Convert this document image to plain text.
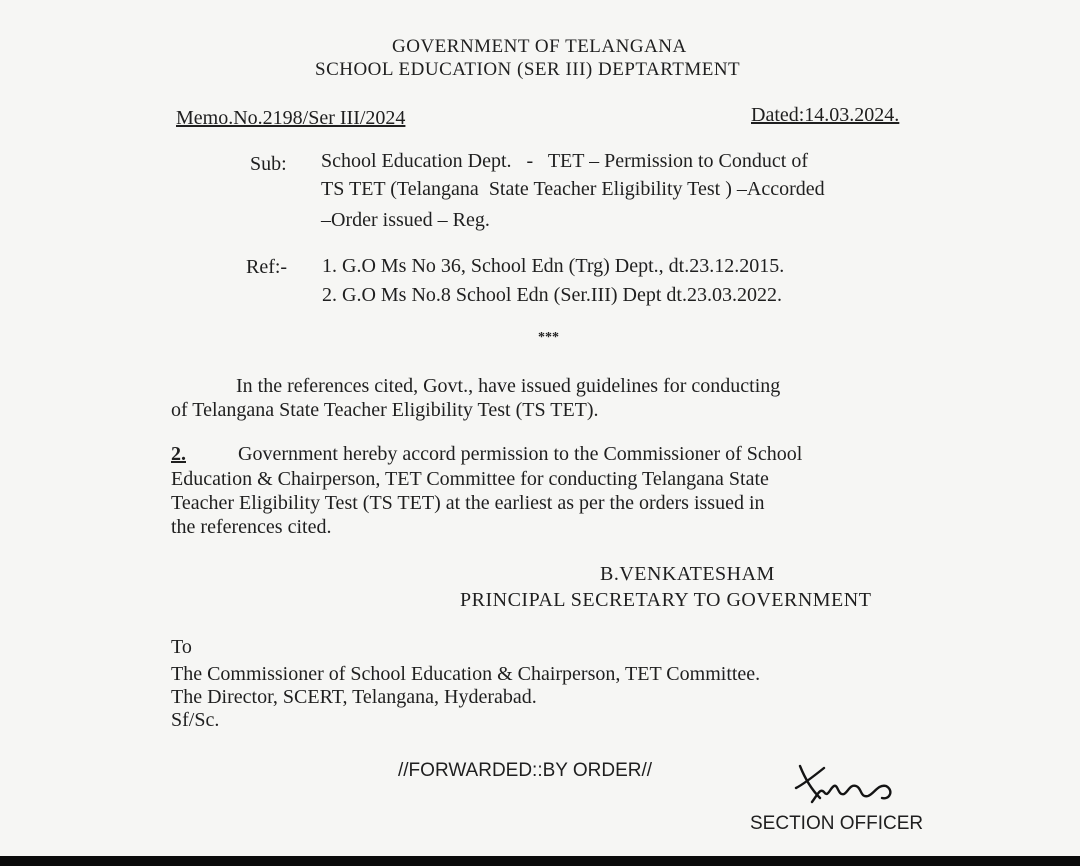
GOVERNMENT OF TELANGANA
SCHOOL EDUCATION (SER III) DEPTARTMENT
Memo.No.2198/Ser III/2024	Dated:14.03.2024.
Sub: School Education Dept.   -   TET – Permission to Conduct of
TS TET (Telangana  State Teacher Eligibility Test ) –Accorded
–Order issued – Reg.
Ref:- 1. G.O Ms No 36, School Edn (Trg) Dept., dt.23.12.2015.
2. G.O Ms No.8 School Edn (Ser.III) Dept dt.23.03.2022.
***
In the references cited, Govt., have issued guidelines for conducting
of Telangana State Teacher Eligibility Test (TS TET).
2.	Government hereby accord permission to the Commissioner of School
Education & Chairperson, TET Committee for conducting Telangana State
Teacher Eligibility Test (TS TET) at the earliest as per the orders issued in
the references cited.
B.VENKATESHAM
PRINCIPAL SECRETARY TO GOVERNMENT
To
The Commissioner of School Education & Chairperson, TET Committee.
The Director, SCERT, Telangana, Hyderabad.
Sf/Sc.
//FORWARDED::BY ORDER//
SECTION OFFICER
